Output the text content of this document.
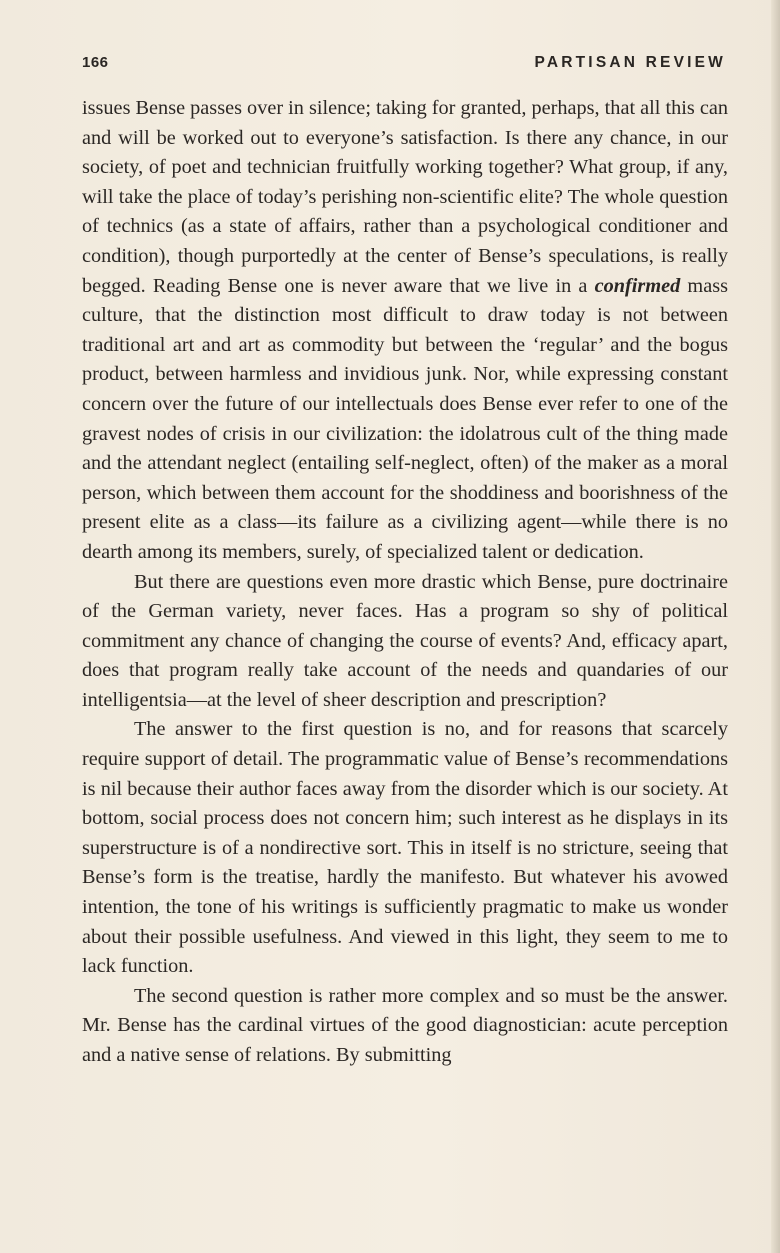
166	PARTISAN REVIEW

issues Bense passes over in silence; taking for granted, perhaps, that all this can and will be worked out to everyone’s satisfaction. Is there any chance, in our society, of poet and technician fruitfully working together? What group, if any, will take the place of today’s perishing non-scientific elite? The whole question of technics (as a state of affairs, rather than a psychological conditioner and condition), though purportedly at the center of Bense’s speculations, is really begged. Reading Bense one is never aware that we live in a confirmed mass culture, that the distinction most difficult to draw today is not between traditional art and art as commodity but between the ‘regular’ and the bogus product, between harmless and invidious junk. Nor, while expressing constant concern over the future of our intellectuals does Bense ever refer to one of the gravest nodes of crisis in our civilization: the idolatrous cult of the thing made and the attendant neglect (entailing self-neglect, often) of the maker as a moral person, which between them account for the shoddiness and boorishness of the present elite as a class—its failure as a civilizing agent—while there is no dearth among its members, surely, of specialized talent or dedication.

But there are questions even more drastic which Bense, pure doctrinaire of the German variety, never faces. Has a program so shy of political commitment any chance of changing the course of events? And, efficacy apart, does that program really take account of the needs and quandaries of our intelligentsia—at the level of sheer description and prescription?

The answer to the first question is no, and for reasons that scarcely require support of detail. The programmatic value of Bense’s recommendations is nil because their author faces away from the disorder which is our society. At bottom, social process does not concern him; such interest as he displays in its superstructure is of a nondirective sort. This in itself is no stricture, seeing that Bense’s form is the treatise, hardly the manifesto. But whatever his avowed intention, the tone of his writings is sufficiently pragmatic to make us wonder about their possible usefulness. And viewed in this light, they seem to me to lack function.

The second question is rather more complex and so must be the answer. Mr. Bense has the cardinal virtues of the good diagnostician: acute perception and a native sense of relations. By submitting
